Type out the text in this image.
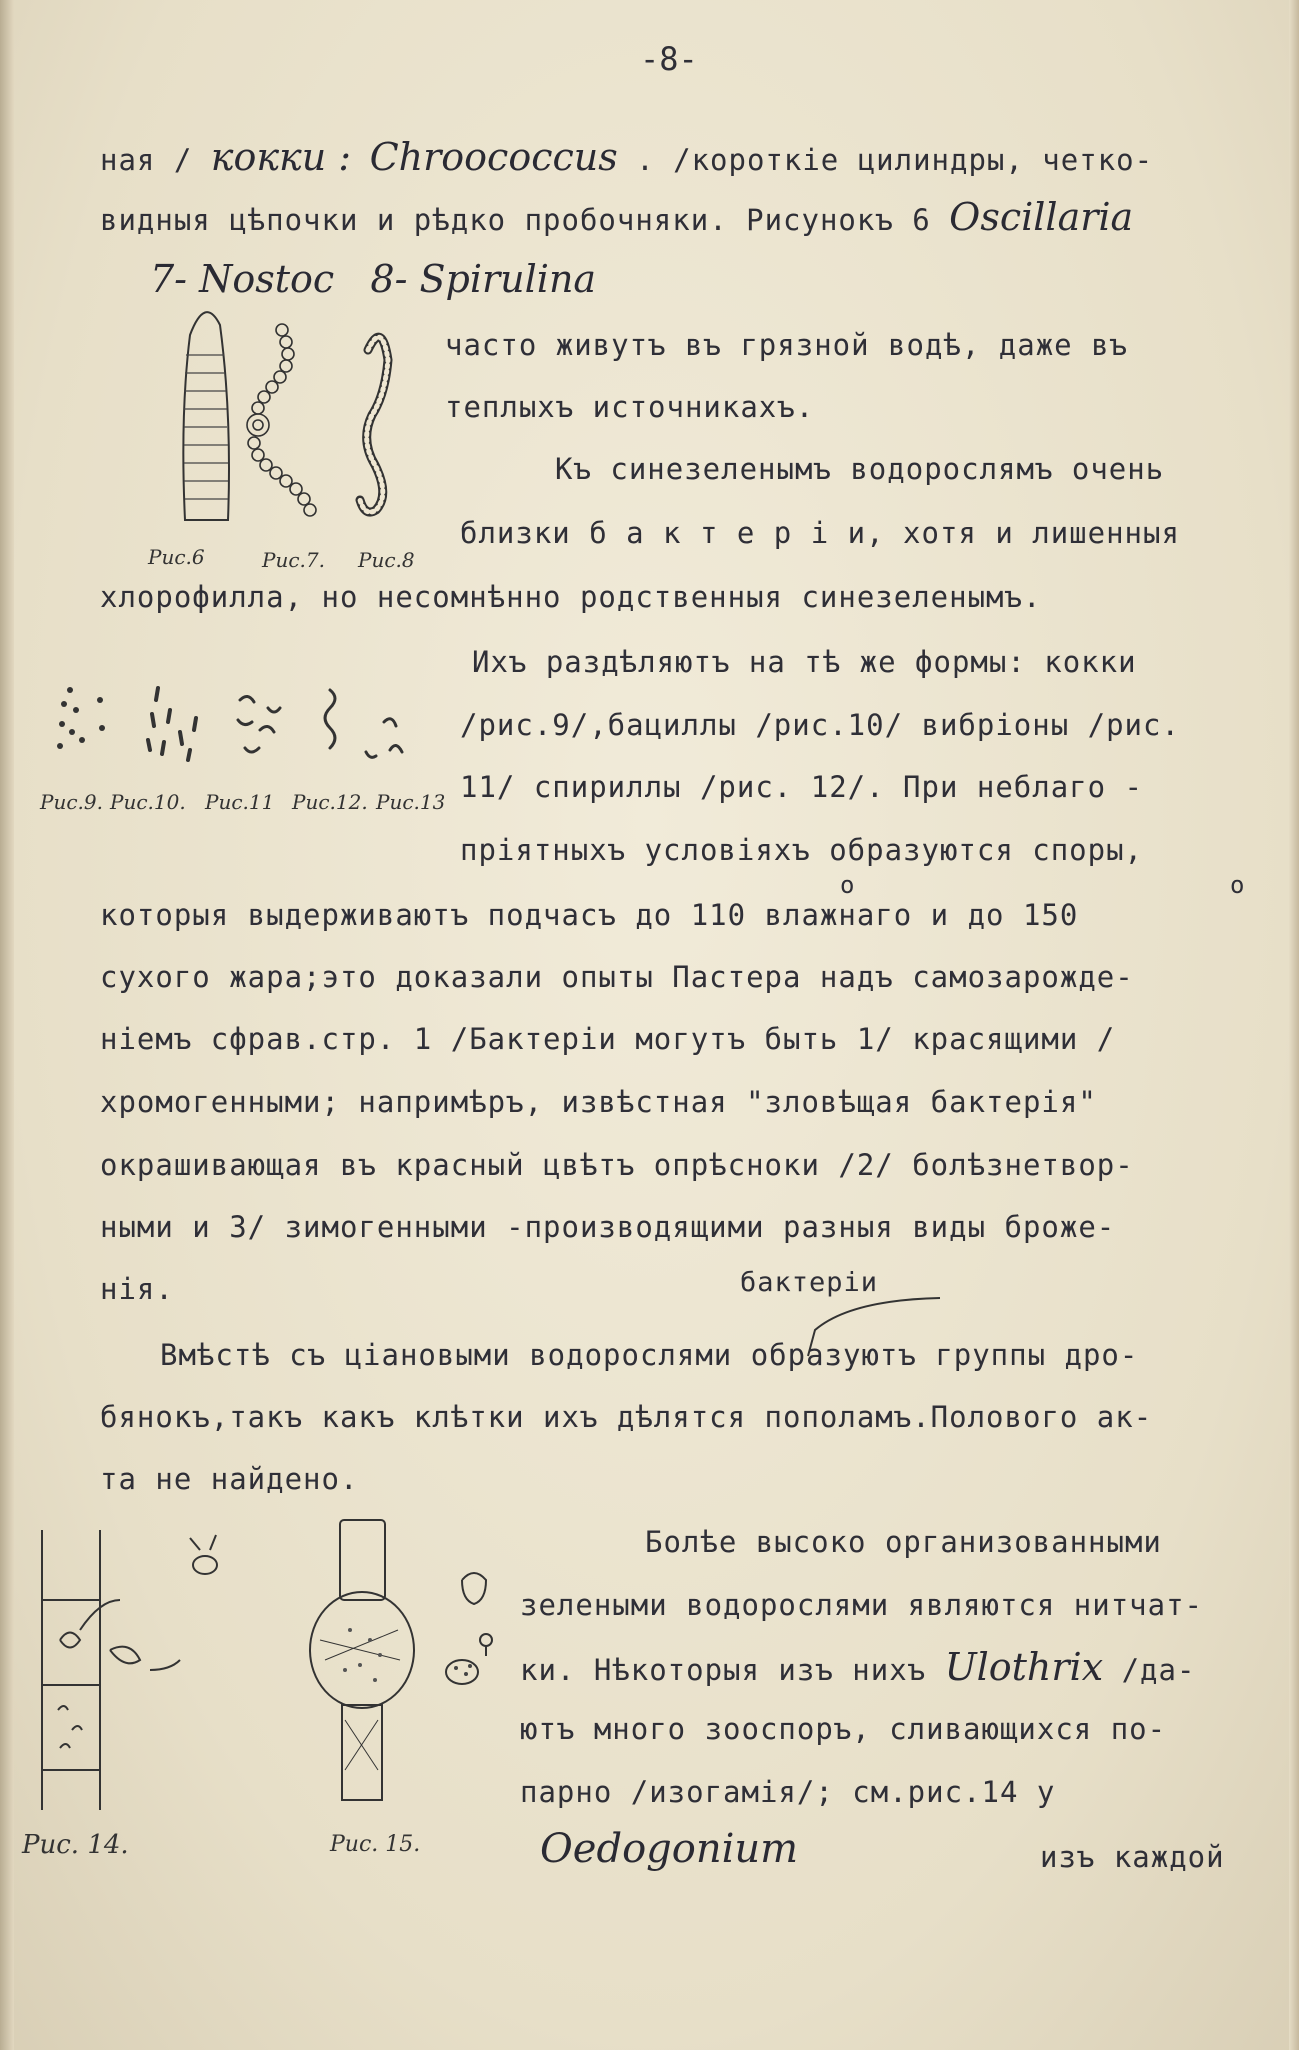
-8-
ная / кокки : Chroococcus . /короткіе цилиндры, четко-
видныя цѣпочки и рѣдко пробочняки. Рисунокъ 6 Oscillaria
7- Nostoc 8- Spirulina
Рис.6	Рис.7. Рис.8
часто живутъ въ грязной водѣ, даже въ
теплыхъ источникахъ.
Къ синезеленымъ водорослямъ очень
близки б а к т е р і и, хотя и лишенныя
хлорофилла, но несомнѣнно родственныя синезеленымъ.
Ихъ раздѣляютъ на тѣ же формы: кокки
Рис.9. Рис.10. Рис.11 Рис.12. Рис.13
/рис.9/,бациллы /рис.10/ вибріоны /рис.
11/ спириллы /рис. 12/. При неблаго -
пріятныхъ условіяхъ образуются споры,
о	о
которыя выдерживаютъ подчасъ до 110 влажнаго и до 150
сухого жара;это доказали опыты Пастера надъ самозарожде-
ніемъ сфрав.стр. 1 /Бактеріи могутъ быть 1/ красящими /
хромогенными; напримѣръ, извѣстная "зловѣщая бактерія"
окрашивающая въ красный цвѣтъ опрѣсноки /2/ болѣзнетвор-
ными и 3/ зимогенными -производящими разныя виды броже-
нія.	бактеріи
Вмѣстѣ съ ціановыми водорослями образуютъ группы дро-
бянокъ,такъ какъ клѣтки ихъ дѣлятся пополамъ.Полового ак-
та не найдено.
Рис. 14.	Рис. 15.
Болѣе высоко организованными
зелеными водорослями являются нитчат-
ки. Нѣкоторыя изъ нихъ Ulothrix /да-
ютъ много зооспоръ, сливающихся по-
парно /изогамія/; см.рис.14 у
Oedogonium	изъ каждой
